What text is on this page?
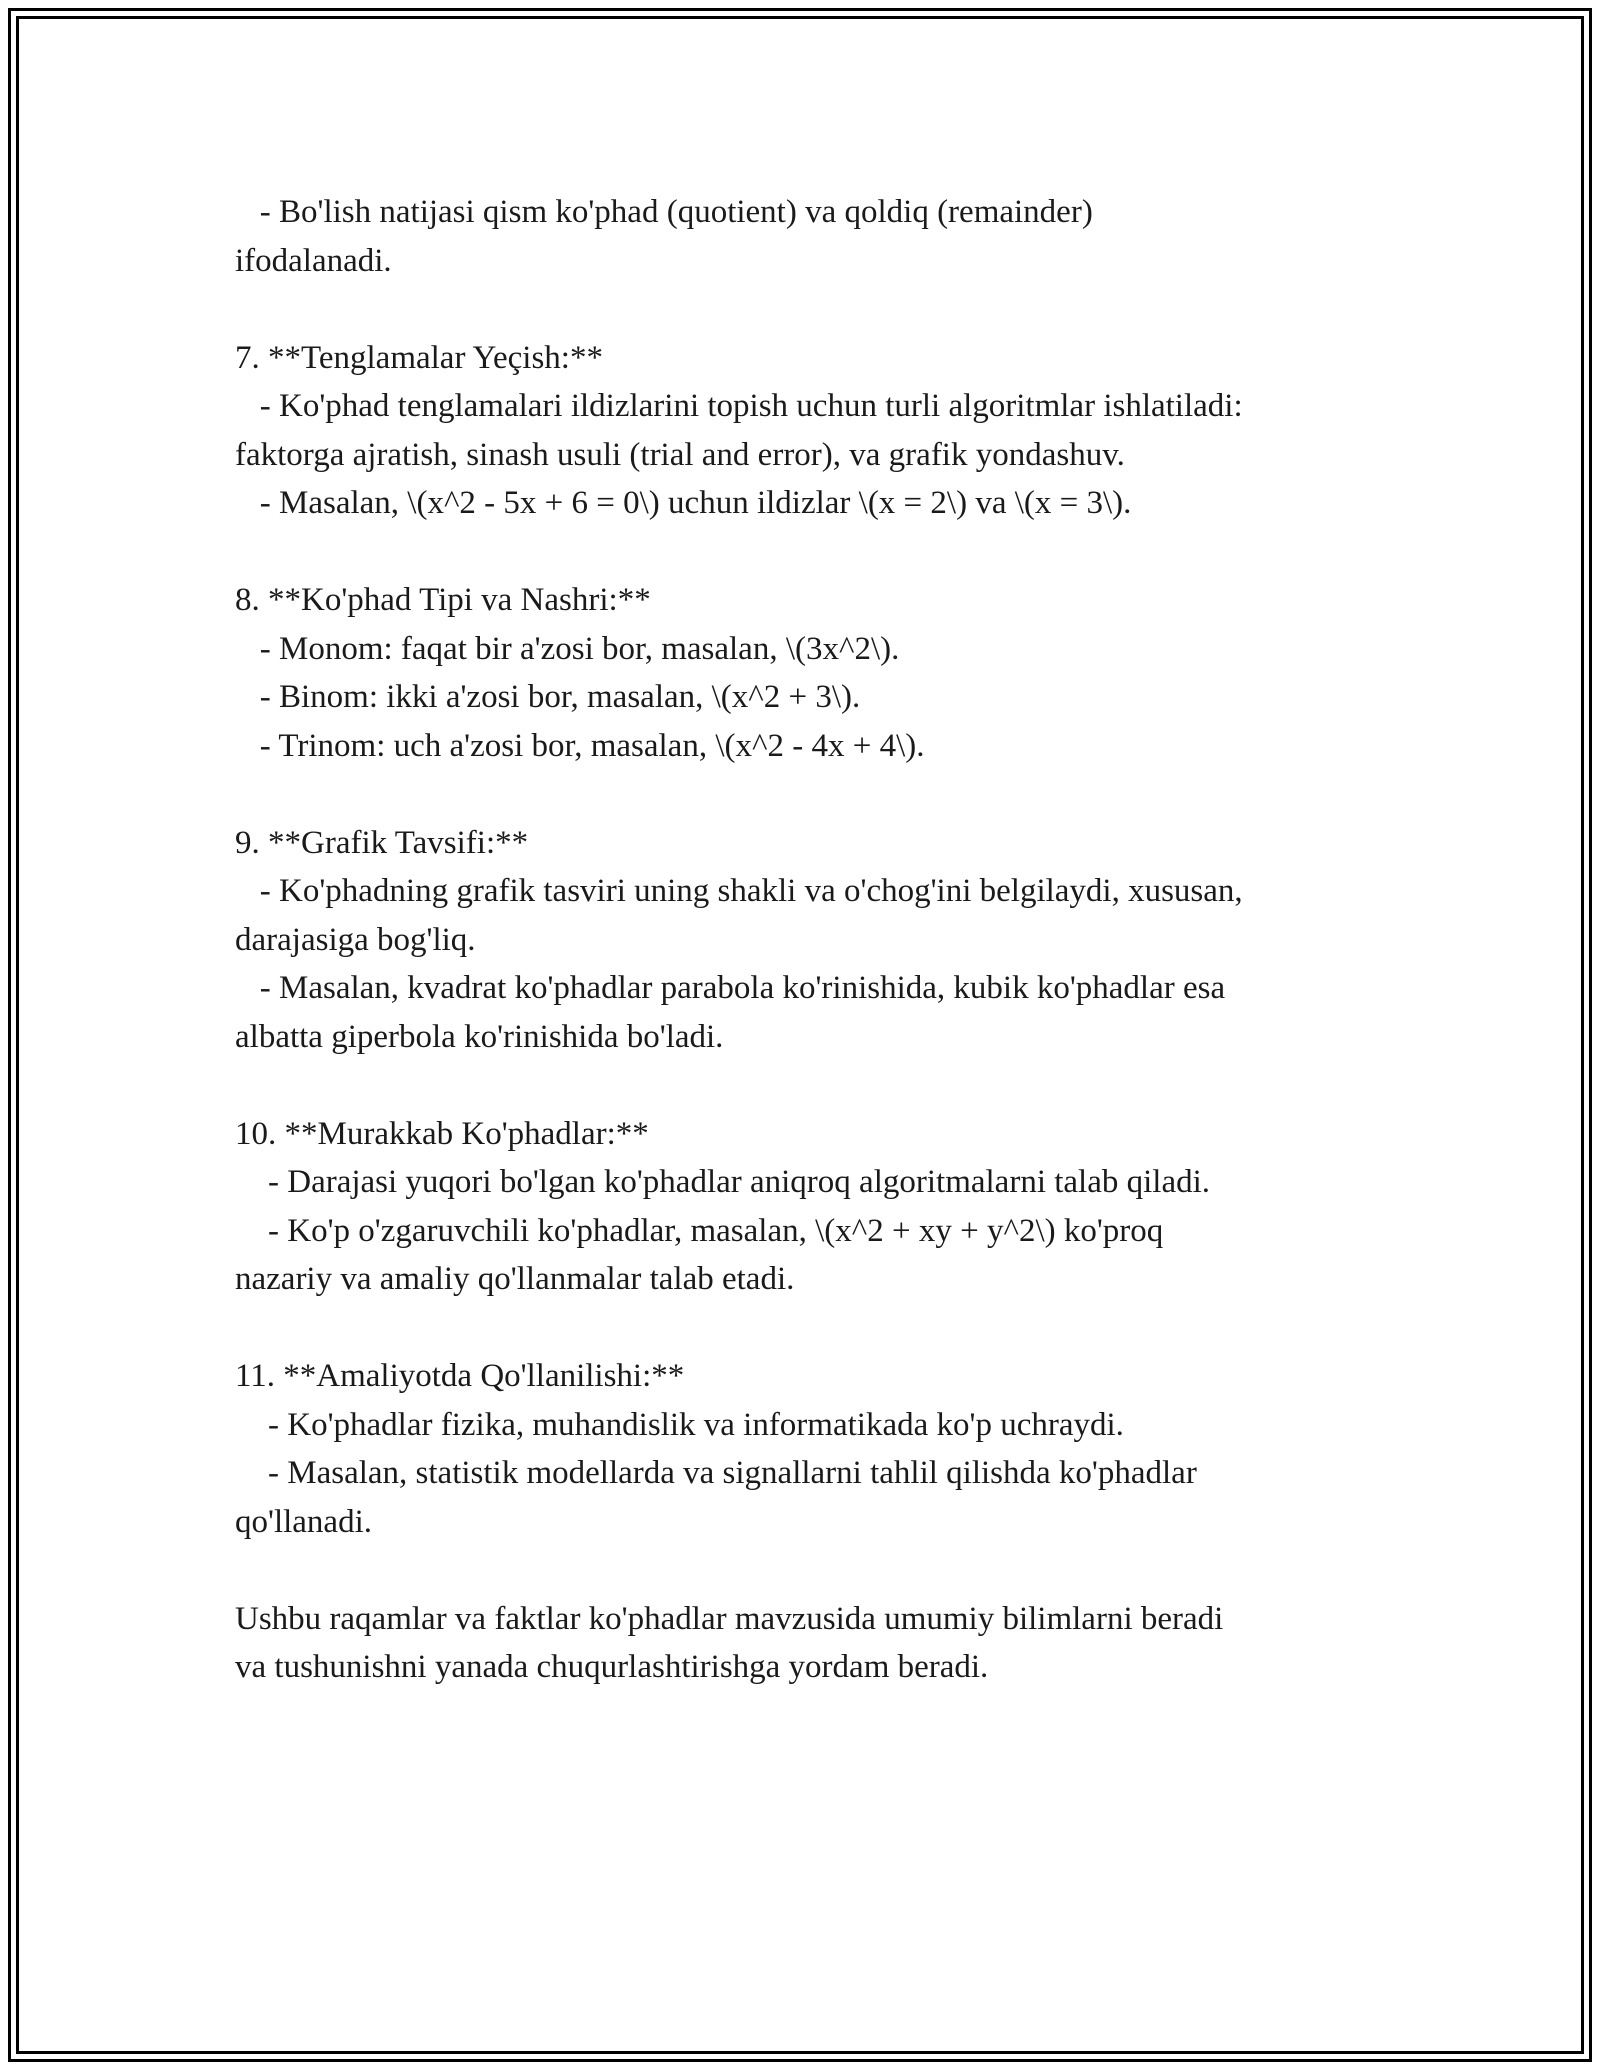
- Bo'lish natijasi qism ko'phad (quotient) va qoldiq (remainder)
ifodalanadi.
7. **Tenglamalar Yeçish:**
- Ko'phad tenglamalari ildizlarini topish uchun turli algoritmlar ishlatiladi:
faktorga ajratish, sinash usuli (trial and error), va grafik yondashuv.
- Masalan, \(x^2 - 5x + 6 = 0\) uchun ildizlar \(x = 2\) va \(x = 3\).
8. **Ko'phad Tipi va Nashri:**
- Monom: faqat bir a'zosi bor, masalan, \(3x^2\).
- Binom: ikki a'zosi bor, masalan, \(x^2 + 3\).
- Trinom: uch a'zosi bor, masalan, \(x^2 - 4x + 4\).
9. **Grafik Tavsifi:**
- Ko'phadning grafik tasviri uning shakli va o'chog'ini belgilaydi, xususan,
darajasiga bog'liq.
- Masalan, kvadrat ko'phadlar parabola ko'rinishida, kubik ko'phadlar esa
albatta giperbola ko'rinishida bo'ladi.
10. **Murakkab Ko'phadlar:**
- Darajasi yuqori bo'lgan ko'phadlar aniqroq algoritmalarni talab qiladi.
- Ko'p o'zgaruvchili ko'phadlar, masalan, \(x^2 + xy + y^2\) ko'proq
nazariy va amaliy qo'llanmalar talab etadi.
11. **Amaliyotda Qo'llanilishi:**
- Ko'phadlar fizika, muhandislik va informatikada ko'p uchraydi.
- Masalan, statistik modellarda va signallarni tahlil qilishda ko'phadlar
qo'llanadi.
Ushbu raqamlar va faktlar ko'phadlar mavzusida umumiy bilimlarni beradi
va tushunishni yanada chuqurlashtirishga yordam beradi.
